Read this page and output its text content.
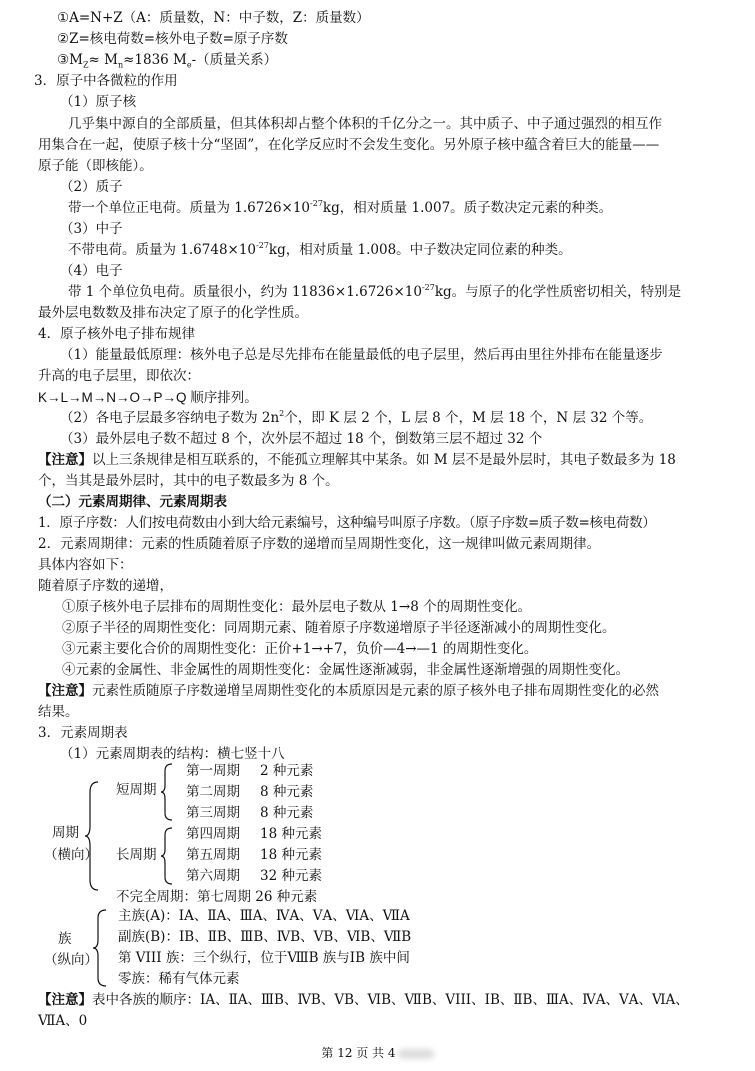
①A=N+Z（A：质量数，N：中子数，Z：质量数）
②Z=核电荷数=核外电子数=原子序数
$③M_Z\approx M_n\approx 1836$ $M_e-$（质量关系）
3．原子中各微粒的作用
（1）原子核
几乎集中源自的全部质量，但其体积却占整个体积的千亿分之一。其中质子、中子通过强烈的相互作
用集合在一起，使原子核十分“坚固”，在化学反应时不会发生变化。另外原子核中蕴含着巨大的能量——
原子能（即核能）。
（2）质子
带一个单位正电荷。质量为 $1.6726\times 10^{-27}kg$，相对质量 1.007。质子数决定元素的种类。
（3）中子
不带电荷。质量为 $1.6748\times 10^{-27}kg$，相对质量 1.008。中子数决定同位素的种类。
（4）电子
带 1 个单位负电荷。质量很小，约为 $11836\times 1.6726\times 10^{-27}kg$。与原子的化学性质密切相关，特别是
最外层电数数及排布决定了原子的化学性质。
4．原子核外电子排布规律
（1）能量最低原理：核外电子总是尽先排布在能量最低的电子层里，然后再由里往外排布在能量逐步
升高的电子层里，即依次：
K→L→M→N→O→P→Q 顺序排列。
（2）各电子层最多容纳电子数为 $2n^2$个，即 K 层 2 个，L 层 8 个，M 层 18 个，N 层 32 个等。
（3）最外层电子数不超过 8 个，次外层不超过 18 个，倒数第三层不超过 32 个
【注意】以上三条规律是相互联系的，不能孤立理解其中某条。如 M 层不是最外层时，其电子数最多为 18
个，当其是最外层时，其中的电子数最多为 8 个。
（二）元素周期律、元素周期表
1．原子序数：人们按电荷数由小到大给元素编号，这种编号叫原子序数。（原子序数=质子数=核电荷数）
2．元素周期律：元素的性质随着原子序数的递增而呈周期性变化，这一规律叫做元素周期律。
具体内容如下：
随着原子序数的递增，
①原子核外电子层排布的周期性变化：最外层电子数从 1→8 个的周期性变化。
②原子半径的周期性变化：同周期元素、随着原子序数递增原子半径逐渐减小的周期性变化。
③元素主要化合价的周期性变化：正价+1→+7，负价—4→—1 的周期性变化。
④元素的金属性、非金属性的周期性变化：金属性逐渐减弱，非金属性逐渐增强的周期性变化。
【注意】元素性质随原子序数递增呈周期性变化的本质原因是元素的原子核外电子排布周期性变化的必然
结果。
3．元素周期表
（1）元素周期表的结构：横七竖十八
周期
（横向）
短周期
第一周期 2 种元素
第二周期 8 种元素
第三周期 8 种元素
长周期
第四周期 18 种元素
第五周期 18 种元素
第六周期 32 种元素
不完全周期：第七周期 26 种元素
族
（纵向）
主族(A)：ⅠA、ⅡA、ⅢA、ⅣA、ⅤA、ⅥA、ⅦA
副族(B)：ⅠB、ⅡB、ⅢB、ⅣB、ⅤB、ⅥB、ⅦB
第 VIII 族：三个纵行，位于ⅧB 族与ⅠB 族中间
零族：稀有气体元素
【注意】表中各族的顺序：ⅠA、ⅡA、ⅢB、ⅣB、ⅤB、ⅥB、ⅦB、VIII、ⅠB、ⅡB、ⅢA、ⅣA、ⅤA、ⅥA、ⅦA、0
第 12 页 共 4
